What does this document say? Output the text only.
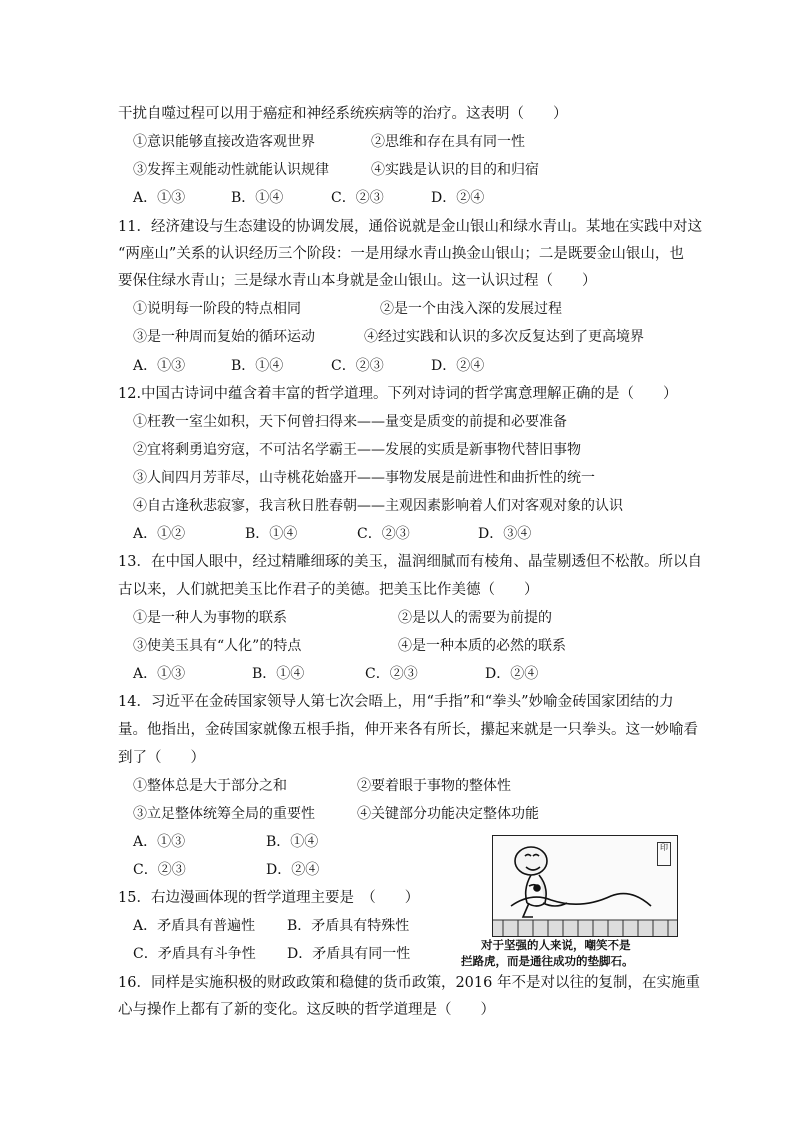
干扰自噬过程可以用于癌症和神经系统疾病等的治疗。这表明（　　）
①意识能够直接改造客观世界	②思维和存在具有同一性
③发挥主观能动性就能认识规律	④实践是认识的目的和归宿
A．①③	B．①④	C．②③	D．②④
11．经济建设与生态建设的协调发展，通俗说就是金山银山和绿水青山。某地在实践中对这
“两座山”关系的认识经历三个阶段：一是用绿水青山换金山银山；二是既要金山银山，也
要保住绿水青山；三是绿水青山本身就是金山银山。这一认识过程（　　）
①说明每一阶段的特点相同	②是一个由浅入深的发展过程
③是一种周而复始的循环运动	④经过实践和认识的多次反复达到了更高境界
A．①③	B．①④	C．②③	D．②④
12.中国古诗词中蕴含着丰富的哲学道理。下列对诗词的哲学寓意理解正确的是（　　）
①枉教一室尘如积，天下何曾扫得来——量变是质变的前提和必要准备
②宜将剩勇追穷寇，不可沽名学霸王——发展的实质是新事物代替旧事物
③人间四月芳菲尽，山寺桃花始盛开——事物发展是前进性和曲折性的统一
④自古逢秋悲寂寥，我言秋日胜春朝——主观因素影响着人们对客观对象的认识
A．①②	B．①④	C．②③	D．③④
13．在中国人眼中，经过精雕细琢的美玉，温润细腻而有棱角、晶莹剔透但不松散。所以自
古以来，人们就把美玉比作君子的美德。把美玉比作美德（　　）
①是一种人为事物的联系	②是以人的需要为前提的
③使美玉具有“人化”的特点	④是一种本质的必然的联系
A．①③	B．①④	C．②③	D．②④
14．习近平在金砖国家领导人第七次会晤上，用“手指”和“拳头”妙喻金砖国家团结的力
量。他指出，金砖国家就像五根手指，伸开来各有所长，攥起来就是一只拳头。这一妙喻看
到了（　　）
①整体总是大于部分之和	②要着眼于事物的整体性
③立足整体统筹全局的重要性	④关键部分功能决定整体功能
A．①③	B．①④
C．②③	D．②④
15．右边漫画体现的哲学道理主要是　（　　）
A．矛盾具有普遍性 B．矛盾具有特殊性
C．矛盾具有斗争性 D．矛盾具有同一性
印
对于坚强的人来说，嘲笑不是
拦路虎，而是通往成功的垫脚石。
16．同样是实施积极的财政政策和稳健的货币政策，2016 年不是对以往的复制，在实施重
心与操作上都有了新的变化。这反映的哲学道理是（　　）
